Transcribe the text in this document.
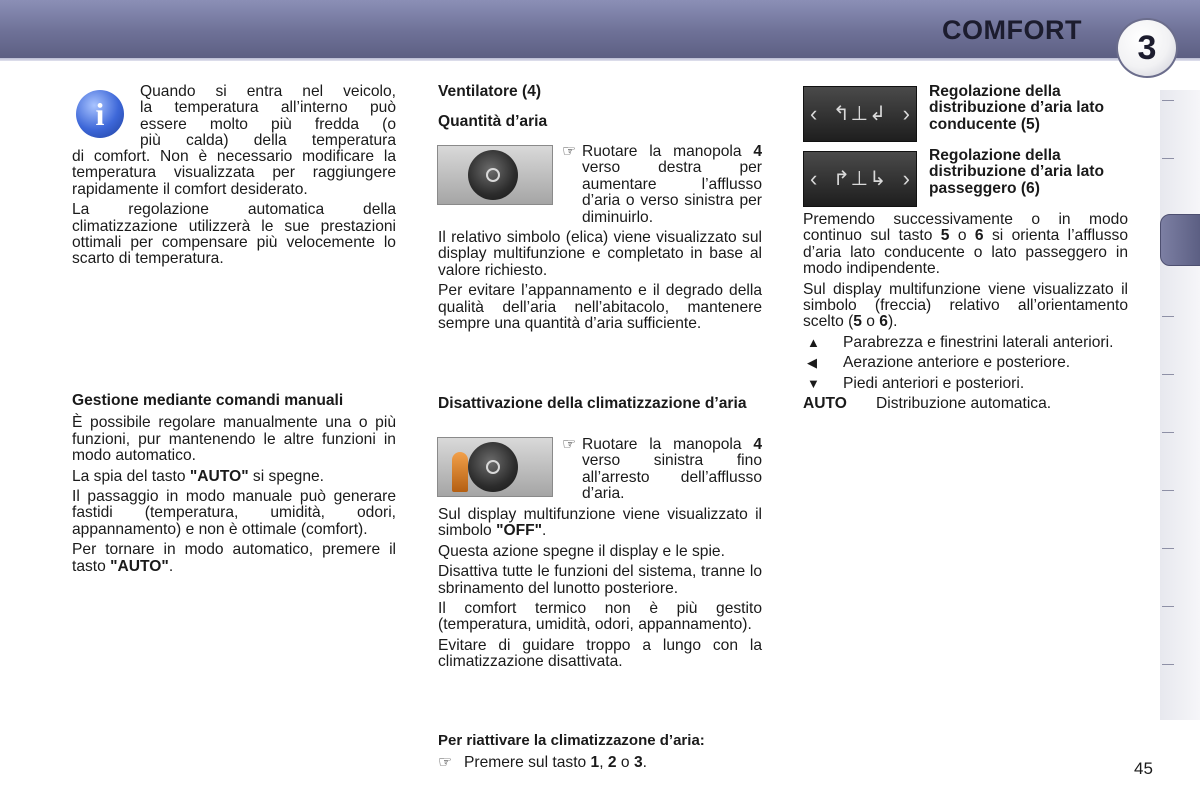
COMFORT	3
i

Quando si entra nel veicolo,

la temperatura all’interno può

essere molto più fredda (o

più calda) della temperatura

di comfort. Non è necessario modificare la temperatura visualizzata per raggiungere rapidamente il comfort desiderato.

La regolazione automatica della climatizzazione utilizzerà le sue prestazioni ottimali per compensare più velocemente lo scarto di temperatura.

Gestione mediante comandi manuali

È possibile regolare manualmente una o più funzioni, pur mantenendo le altre funzioni in modo automatico.

La spia del tasto "AUTO" si spegne.

Il passaggio in modo manuale può generare fastidi (temperatura, umidità, odori, appannamento) e non è ottimale (comfort).

Per tornare in modo automatico, premere il tasto "AUTO".

Ventilatore (4)

Quantità d’aria

☞ Ruotare la manopola 4 verso destra per aumentare l’afflusso d’aria o verso sinistra per diminuirlo.

Il relativo simbolo (elica) viene visualizzato sul display multifunzione e completato in base al valore richiesto.

Per evitare l’appannamento e il degrado della qualità dell’aria nell’abitacolo, mantenere sempre una quantità d’aria sufficiente.

Disattivazione della climatizzazione d’aria

☞ Ruotare la manopola 4 verso sinistra fino all’arresto dell’afflusso d’aria.

Sul display multifunzione viene visualizzato il simbolo "OFF".

Questa azione spegne il display e le spie.

Disattiva tutte le funzioni del sistema, tranne lo sbrinamento del lunotto posteriore.

Il comfort termico non è più gestito (temperatura, umidità, odori, appannamento).

Evitare di guidare troppo a lungo con la climatizzazione disattivata.

Per riattivare la climatizzazone d’aria:

☞ Premere sul tasto 1, 2 o 3.

‹ ↰⊥↲ ›

Regolazione della distribuzione d’aria lato conducente (5)

‹ ↱⊥↳ ›

Regolazione della distribuzione d’aria lato passeggero (6)

Premendo successivamente o in modo continuo sul tasto 5 o 6 si orienta l’afflusso d’aria lato conducente o lato passeggero in modo indipendente.

Sul display multifunzione viene visualizzato il simbolo (freccia) relativo all’orientamento scelto (5 o 6).

▲	Parabrezza e finestrini laterali anteriori.
◀	Aerazione anteriore e posteriore.
▼	Piedi anteriori e posteriori.
AUTO	Distribuzione automatica.
45
